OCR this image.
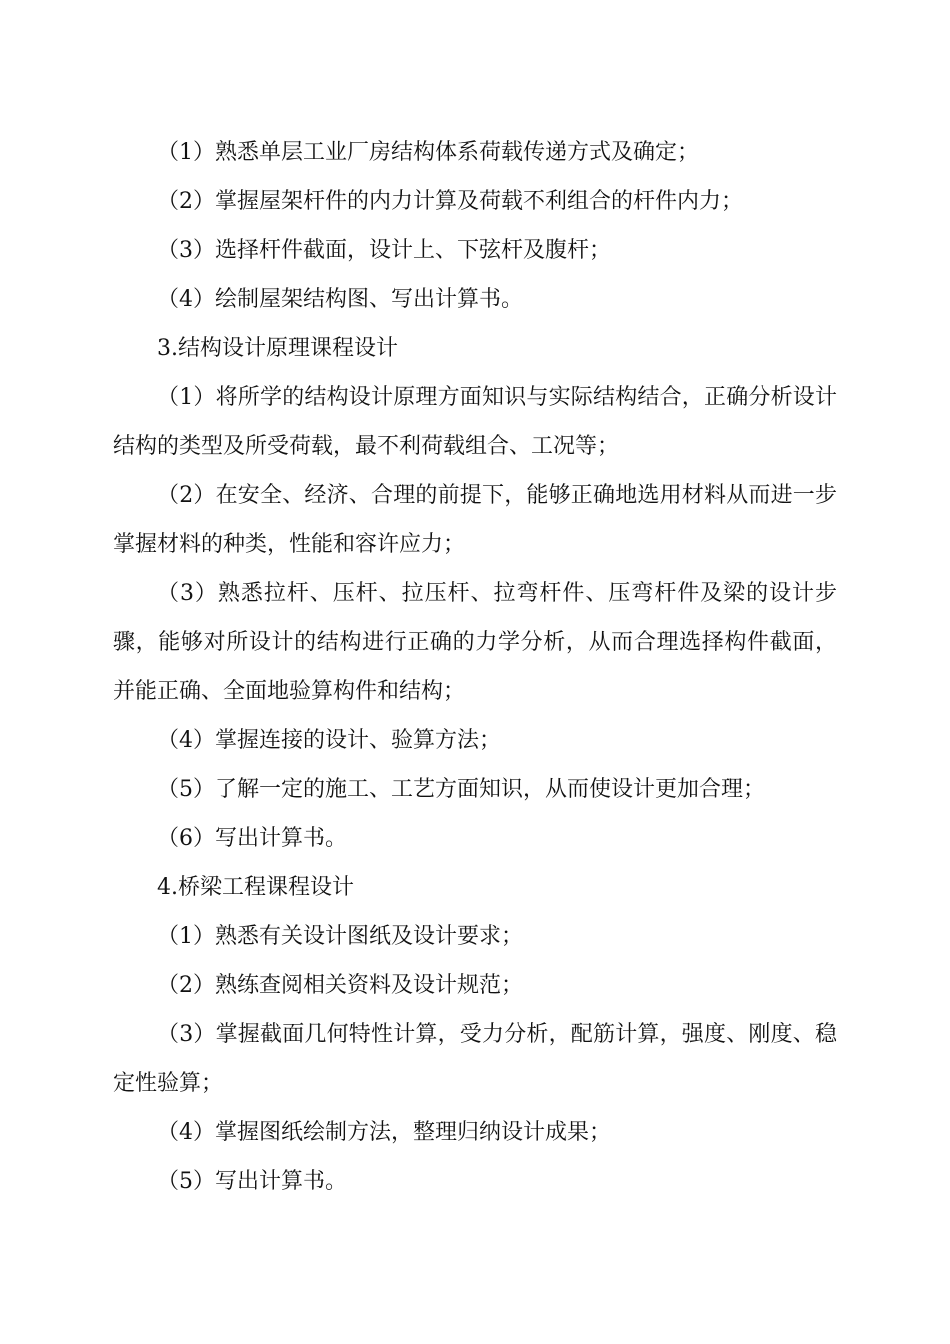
（1）熟悉单层工业厂房结构体系荷载传递方式及确定；

（2）掌握屋架杆件的内力计算及荷载不利组合的杆件内力；

（3）选择杆件截面，设计上、下弦杆及腹杆；

（4）绘制屋架结构图、写出计算书。

3.结构设计原理课程设计

（1）将所学的结构设计原理方面知识与实际结构结合，正确分析设计结构的类型及所受荷载，最不利荷载组合、工况等；

（2）在安全、经济、合理的前提下，能够正确地选用材料从而进一步掌握材料的种类，性能和容许应力；

（3）熟悉拉杆、压杆、拉压杆、拉弯杆件、压弯杆件及梁的设计步骤，能够对所设计的结构进行正确的力学分析，从而合理选择构件截面，并能正确、全面地验算构件和结构；

（4）掌握连接的设计、验算方法；

（5）了解一定的施工、工艺方面知识，从而使设计更加合理；

（6）写出计算书。

4.桥梁工程课程设计

（1）熟悉有关设计图纸及设计要求；

（2）熟练查阅相关资料及设计规范；

（3）掌握截面几何特性计算，受力分析，配筋计算，强度、刚度、稳定性验算；

（4）掌握图纸绘制方法，整理归纳设计成果；

（5）写出计算书。
